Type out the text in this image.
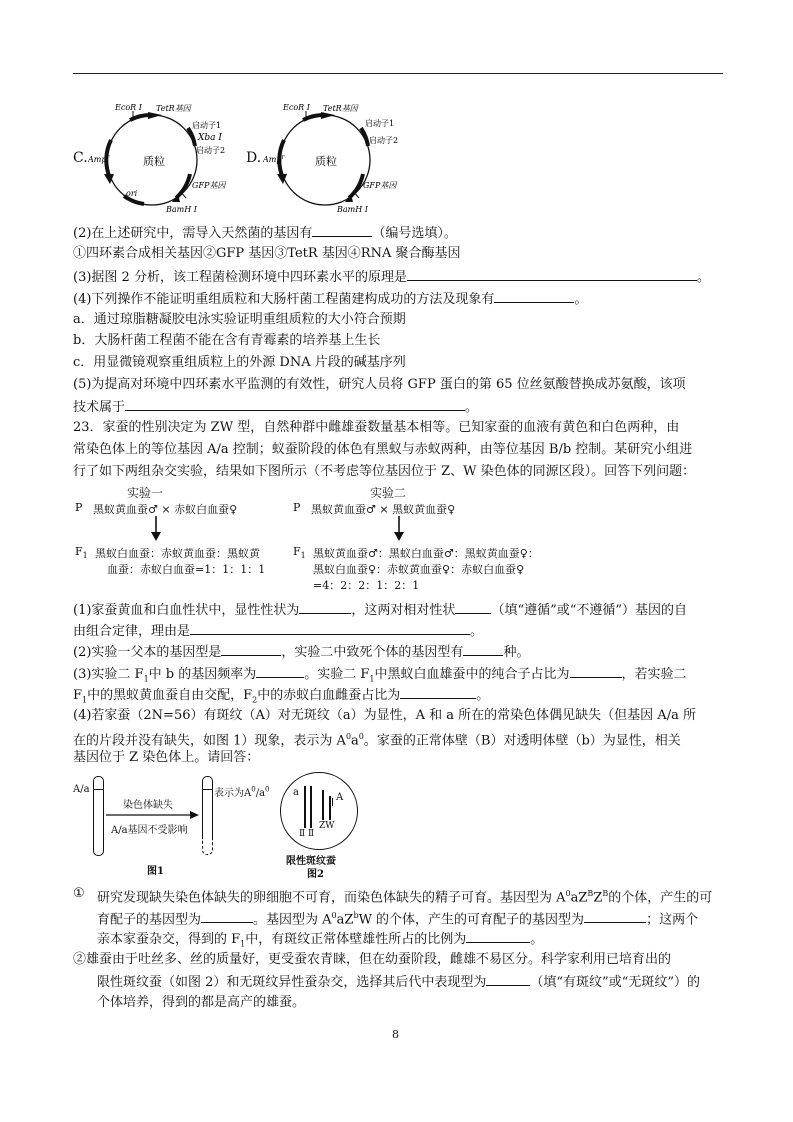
C.
EcoR Ⅰ TetR基因
启动子1
Xba Ⅰ
启动子2
Amp$^r$	质粒
GFP基因
ori
BamH Ⅰ
D.
EcoR Ⅰ TetR基因
启动子1
启动子2
Amp$^r$	质粒
GFP基因
BamH Ⅰ
(2)在上述研究中，需导入天然菌的基因有	（编号选填）。
①四环素合成相关基因②GFP 基因③TetR 基因④RNA 聚合酶基因
(3)据图 2 分析，该工程菌检测环境中四环素水平的原理是	。
(4)下列操作不能证明重组质粒和大肠杆菌工程菌建构成功的方法及现象有	。
a．通过琼脂糖凝胶电泳实验证明重组质粒的大小符合预期
b．大肠杆菌工程菌不能在含有青霉素的培养基上生长
c．用显微镜观察重组质粒上的外源 DNA 片段的碱基序列
(5)为提高对环境中四环素水平监测的有效性，研究人员将 GFP 蛋白的第 65 位丝氨酸替换成苏氨酸，该项
技术属于	。
23．家蚕的性别决定为 ZW 型，自然种群中雌雄蚕数量基本相等。已知家蚕的血液有黄色和白色两种，由
常染色体上的等位基因 A/a 控制；蚁蚕阶段的体色有黑蚁与赤蚁两种，由等位基因 B/b 控制。某研究小组进
行了如下两组杂交实验，结果如下图所示（不考虑等位基因位于 Z、W 染色体的同源区段）。回答下列问题：
实验一
P 黑蚁黄血蚕♂ × 赤蚁白血蚕♀
$F_1$ 黑蚁白血蚕：赤蚁黄血蚕：黑蚁黄
血蚕：赤蚁白血蚕=1：1：1：1
实验二
P 黑蚁黄血蚕♂ × 黑蚁黄血蚕♀
$F_1$ 黑蚁黄血蚕♂：黑蚁白血蚕♂：黑蚁黄血蚕♀：
黑蚁白血蚕♀：赤蚁黄血蚕♀：赤蚁白血蚕♀
=4：2：2：1：2：1
(1)家蚕黄血和白血性状中，显性性状为	，这两对相对性状	（填“遵循”或“不遵循”）基因的自
由组合定律，理由是	。
(2)实验一父本的基因型是	，实验二中致死个体的基因型有	种。
(3)实验二 $F_1$中 b 的基因频率为	。实验二 $F_1$中黑蚁白血雄蚕中的纯合子占比为	，若实验二
$F_1$中的黑蚁黄血蚕自由交配，$F_2$中的赤蚁白血雌蚕占比为	。
(4)若家蚕（2N=56）有斑纹（A）对无斑纹（a）为显性，A 和 a 所在的常染色体偶见缺失（但基因 A/a 所
在的片段并没有缺失，如图 1）现象，表示为 $A^0a^0$。家蚕的正常体壁（B）对透明体壁（b）为显性，相关
基因位于 Z 染色体上。请回答：
A/a
染色体缺失
A/a基因不受影响
表示为$A^0/a^0$
图1
a	A
Ⅱ Ⅱ
ZW
限性斑纹蚕
图2
① 研究发现缺失染色体缺失的卵细胞不可育，而染色体缺失的精子可育。基因型为 $A^0aZ^BZ^B$的个体，产生的可
育配子的基因型为	。基因型为 $A^0aZ^bW$ 的个体，产生的可育配子的基因型为	；这两个
亲本家蚕杂交，得到的 $F_1$中，有斑纹正常体壁雄性所占的比例为	。
②雄蚕由于吐丝多、丝的质量好，更受蚕农青睐，但在幼蚕阶段，雌雄不易区分。科学家利用已培育出的
限性斑纹蚕（如图 2）和无斑纹异性蚕杂交，选择其后代中表现型为	（填“有斑纹”或“无斑纹”）的
个体培养，得到的都是高产的雄蚕。
8
